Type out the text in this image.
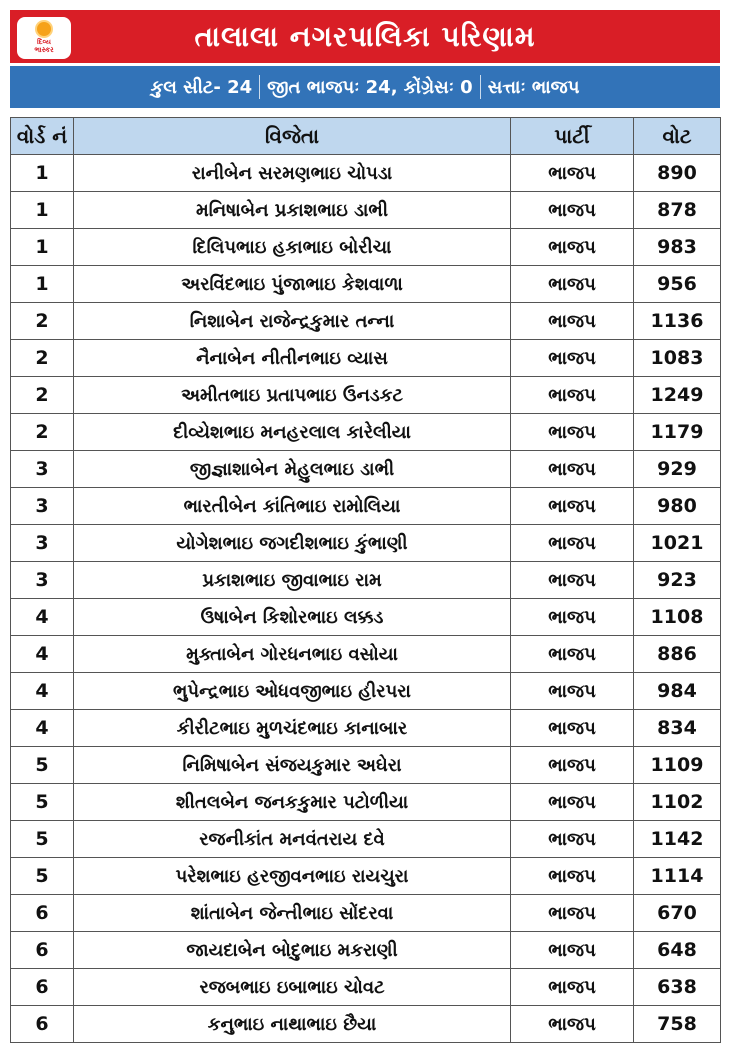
દિવ્ય
ભાસ્કર	તાલાલા નગરપાલિકા પરિણામ
કુલ સીટ- 24 જીત ભાજપઃ 24, કોંગ્રેસઃ 0 સત્તાઃ ભાજપ
વોર્ડ નં	વિજેતા	પાર્ટી	વોટ
1	રાનીબેન સરમણભાઇ ચોપડા	ભાજપ	890
1	મનિષાબેન પ્રકાશભાઇ ડાભી	ભાજપ	878
1	દિલિપભાઇ હકાભાઇ બોરીચા	ભાજપ	983
1	અરવિંદભાઇ પુંજાભાઇ કેશવાળા	ભાજપ	956
2	નિશાબેન રાજેન્દ્રકુમાર તન્ના	ભાજપ	1136
2	નૈનાબેન નીતીનભાઇ વ્યાસ	ભાજપ	1083
2	અમીતભાઇ પ્રતાપભાઇ ઉનડકટ	ભાજપ	1249
2	દીવ્યેશભાઇ મનહરલાલ કારેલીયા	ભાજપ	1179
3	જીજ્ઞાશાબેન મેહુલભાઇ ડાભી	ભાજપ	929
3	ભારતીબેન કાંતિભાઇ રામોલિયા	ભાજપ	980
3	યોગેશભાઇ જગદીશભાઇ કુંભાણી	ભાજપ	1021
3	પ્રકાશભાઇ જીવાભાઇ રામ	ભાજપ	923
4	ઉષાબેન કિશોરભાઇ લક્કડ	ભાજપ	1108
4	મુક્તાબેન ગોરધનભાઇ વસોયા	ભાજપ	886
4	ભુપેન્દ્રભાઇ ઓધવજીભાઇ હીરપરા	ભાજપ	984
4	કીરીટભાઇ મુળચંદભાઇ કાનાબાર	ભાજપ	834
5	નિમિષાબેન સંજયકુમાર અઘેરા	ભાજપ	1109
5	શીતલબેન જનકકુમાર પટોળીયા	ભાજપ	1102
5	રજનીકાંત મનવંતરાય દવે	ભાજપ	1142
5	પરેશભાઇ હરજીવનભાઇ રાયચુરા	ભાજપ	1114
6	શાંતાબેન જેન્તીભાઇ સોંદરવા	ભાજપ	670
6	જાયદાબેન બોદુભાઇ મકરાણી	ભાજપ	648
6	રજબભાઇ ઇબાભાઇ ચોવટ	ભાજપ	638
6	કનુભાઇ નાથાભાઇ છૈયા	ભાજપ	758
